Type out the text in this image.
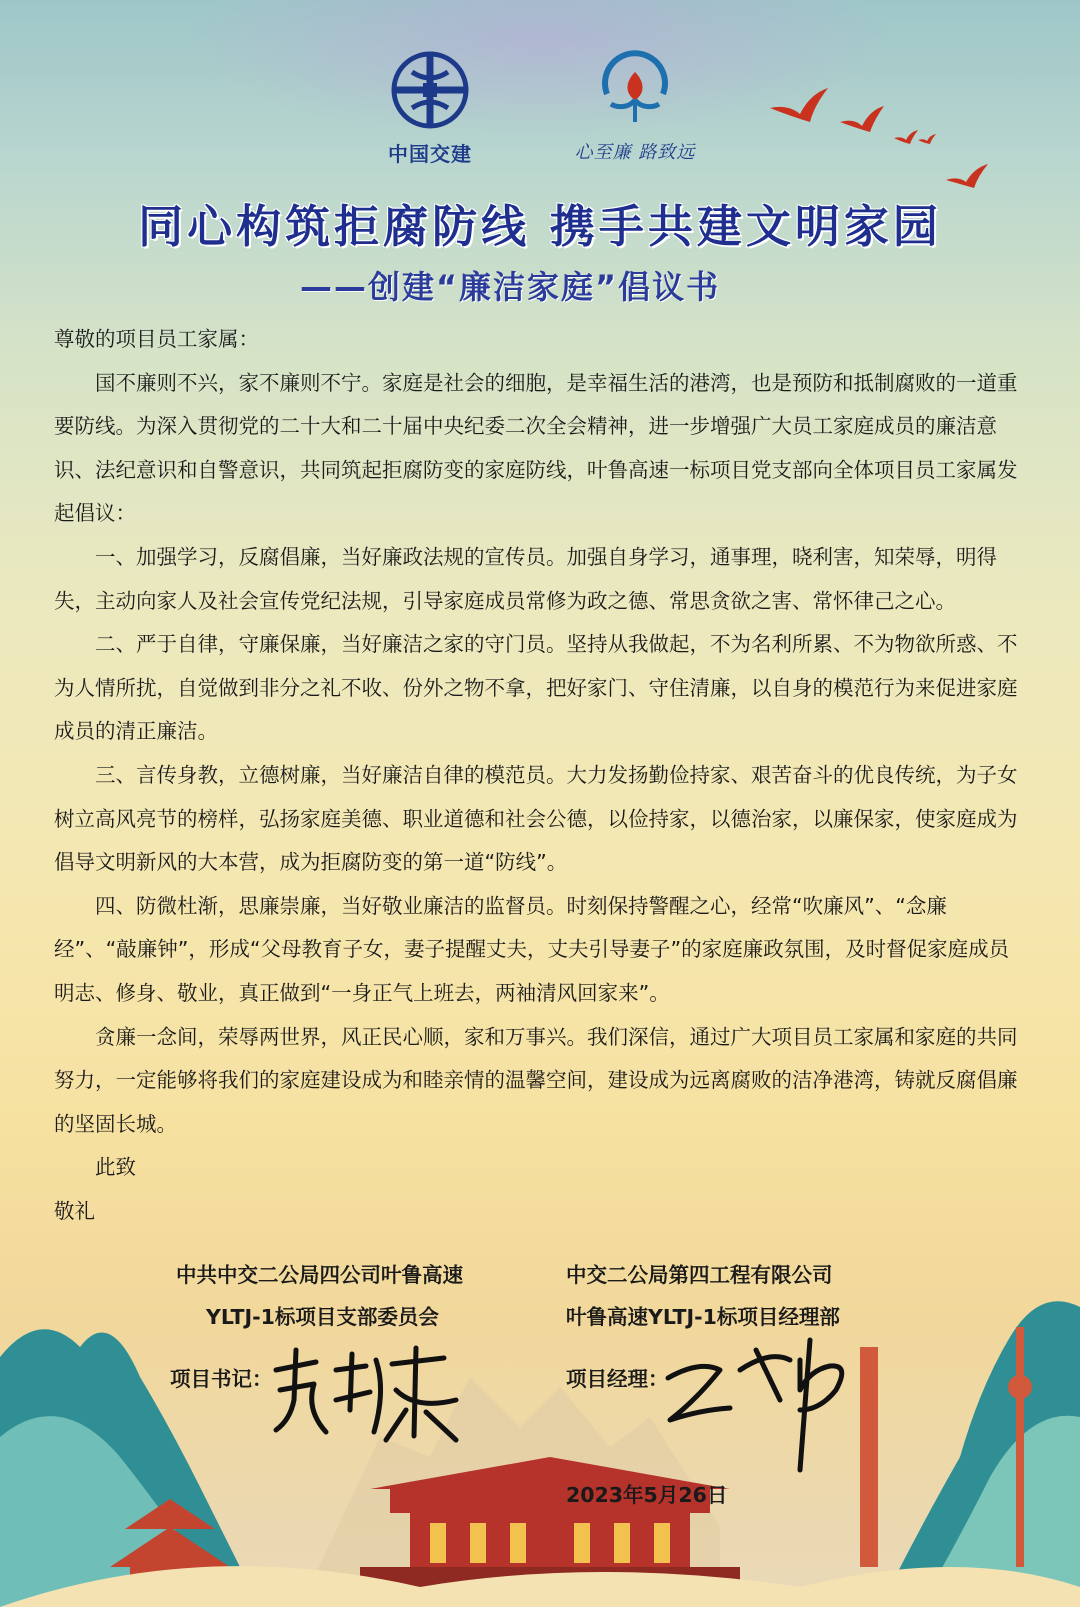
中国交建	心至廉 路致远
同心构筑拒腐防线 携手共建文明家园
——创建“廉洁家庭”倡议书

尊敬的项目员工家属：

国不廉则不兴，家不廉则不宁。家庭是社会的细胞，是幸福生活的港湾，也是预防和抵制腐败的一道重要防线。为深入贯彻党的二十大和二十届中央纪委二次全会精神，进一步增强广大员工家庭成员的廉洁意识、法纪意识和自警意识，共同筑起拒腐防变的家庭防线，叶鲁高速一标项目党支部向全体项目员工家属发起倡议：

一、加强学习，反腐倡廉，当好廉政法规的宣传员。加强自身学习，通事理，晓利害，知荣辱，明得失，主动向家人及社会宣传党纪法规，引导家庭成员常修为政之德、常思贪欲之害、常怀律己之心。

二、严于自律，守廉保廉，当好廉洁之家的守门员。坚持从我做起，不为名利所累、不为物欲所惑、不为人情所扰，自觉做到非分之礼不收、份外之物不拿，把好家门、守住清廉，以自身的模范行为来促进家庭成员的清正廉洁。

三、言传身教，立德树廉，当好廉洁自律的模范员。大力发扬勤俭持家、艰苦奋斗的优良传统，为子女树立高风亮节的榜样，弘扬家庭美德、职业道德和社会公德，以俭持家，以德治家，以廉保家，使家庭成为倡导文明新风的大本营，成为拒腐防变的第一道“防线”。

四、防微杜渐，思廉崇廉，当好敬业廉洁的监督员。时刻保持警醒之心，经常“吹廉风”、“念廉经”、“敲廉钟”，形成“父母教育子女，妻子提醒丈夫，丈夫引导妻子”的家庭廉政氛围，及时督促家庭成员明志、修身、敬业，真正做到“一身正气上班去，两袖清风回家来”。

贪廉一念间，荣辱两世界，风正民心顺，家和万事兴。我们深信，通过广大项目员工家属和家庭的共同努力，一定能够将我们的家庭建设成为和睦亲情的温馨空间，建设成为远离腐败的洁净港湾，铸就反腐倡廉的坚固长城。

此致

敬礼

中共中交二公局四公司叶鲁高速
YLTJ-1标项目支部委员会
中交二公局第四工程有限公司
叶鲁高速YLTJ-1标项目经理部
项目书记：	项目经理：
2023年5月26日
